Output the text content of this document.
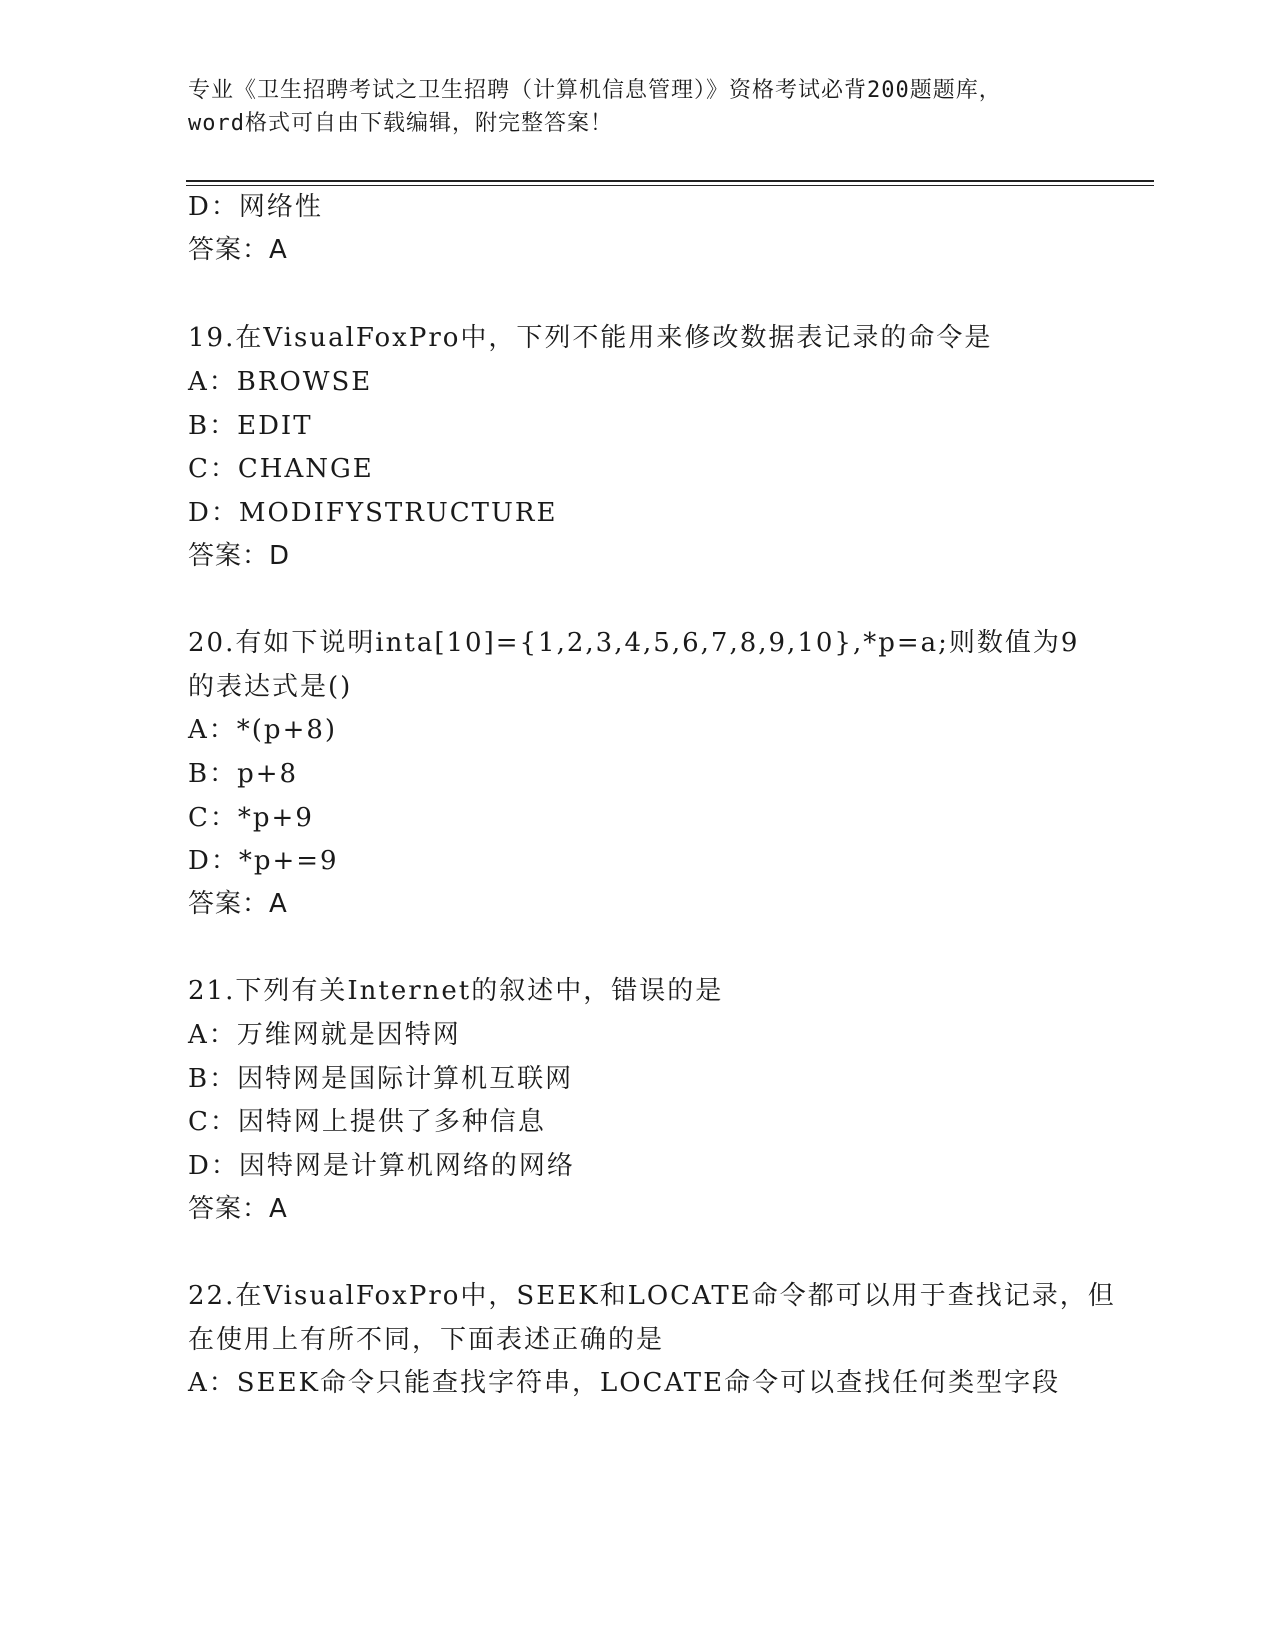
专业《卫生招聘考试之卫生招聘（计算机信息管理）》资格考试必背200题题库，
word格式可自由下载编辑，附完整答案！
D：网络性
答案：A
19.在VisualFoxPro中，下列不能用来修改数据表记录的命令是
A：BROWSE
B：EDIT
C：CHANGE
D：MODIFYSTRUCTURE
答案：D
20.有如下说明inta[10]={1,2,3,4,5,6,7,8,9,10},*p=a;则数值为9
的表达式是()
A：*(p+8)
B：p+8
C：*p+9
D：*p+=9
答案：A
21.下列有关Internet的叙述中，错误的是
A：万维网就是因特网
B：因特网是国际计算机互联网
C：因特网上提供了多种信息
D：因特网是计算机网络的网络
答案：A
22.在VisualFoxPro中，SEEK和LOCATE命令都可以用于查找记录，但
在使用上有所不同，下面表述正确的是
A：SEEK命令只能查找字符串，LOCATE命令可以查找任何类型字段
